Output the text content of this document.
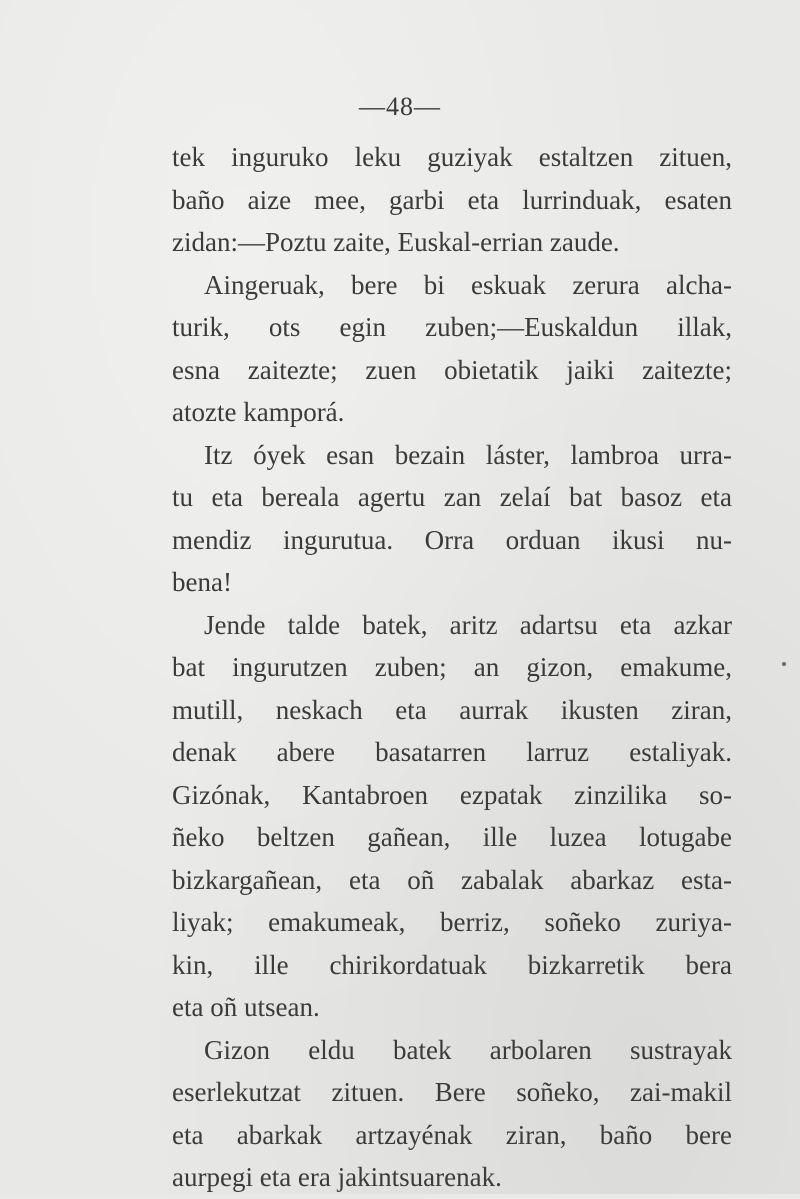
—48—
tek inguruko leku guziyak estaltzen zituen,
baño aize mee, garbi eta lurrinduak, esaten
zidan:—Poztu zaite, Euskal-errian zaude.
Aingeruak, bere bi eskuak zerura alcha-
turik, ots egin zuben;—Euskaldun illak,
esna zaitezte; zuen obietatik jaiki zaitezte;
atozte kamporá.
Itz óyek esan bezain láster, lambroa urra-
tu eta bereala agertu zan zelaí bat basoz eta
mendiz ingurutua. Orra orduan ikusi nu-
bena!
Jende talde batek, aritz adartsu eta azkar
bat ingurutzen zuben; an gizon, emakume,
mutill, neskach eta aurrak ikusten ziran,
denak abere basatarren larruz estaliyak.
Gizónak, Kantabroen ezpatak zinzilika so-
ñeko beltzen gañean, ille luzea lotugabe
bizkargañean, eta oñ zabalak abarkaz esta-
liyak; emakumeak, berriz, soñeko zuriya-
kin, ille chirikordatuak bizkarretik bera
eta oñ utsean.
Gizon eldu batek arbolaren sustrayak
eserlekutzat zituen. Bere soñeko, zai-makil
eta abarkak artzayénak ziran, baño bere
aurpegi eta era jakintsuarenak.
